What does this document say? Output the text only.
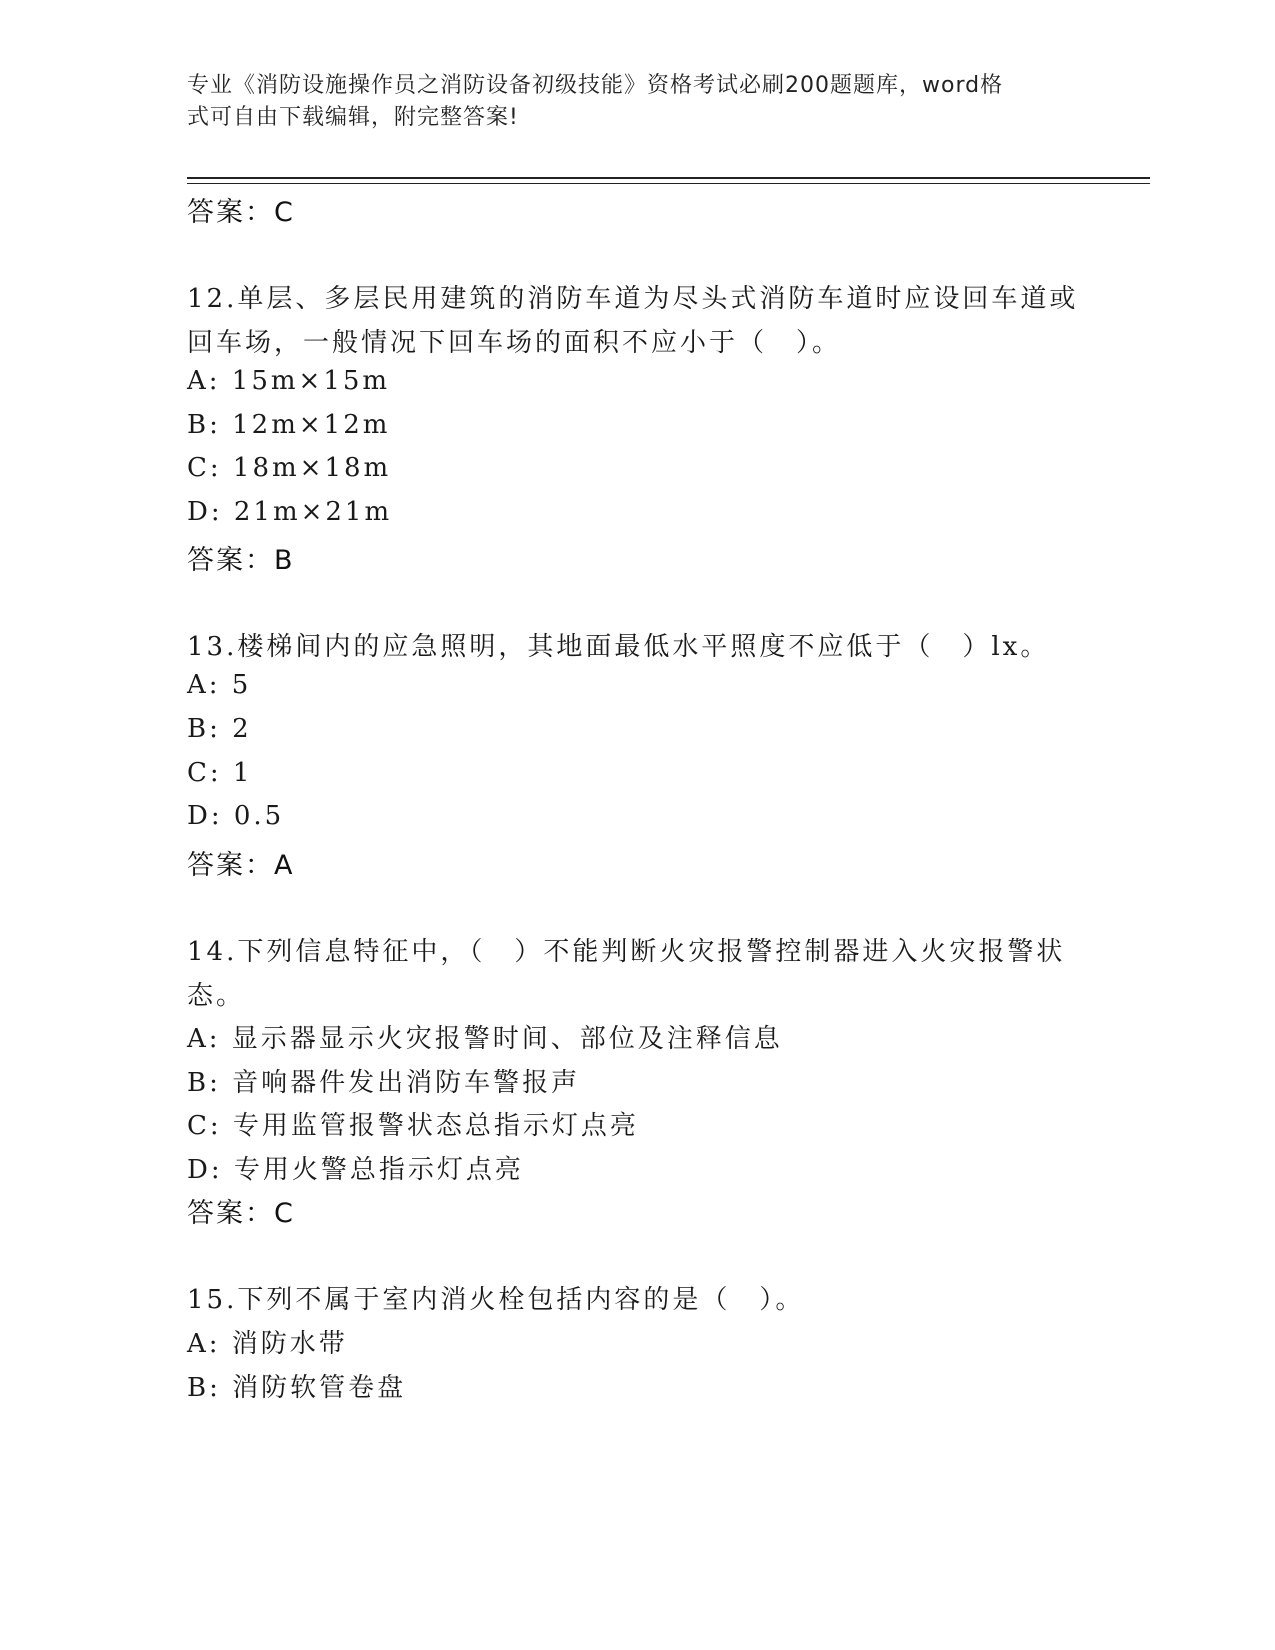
专业《消防设施操作员之消防设备初级技能》资格考试必刷200题题库，word格
式可自由下载编辑，附完整答案!
答案：C
12.单层、多层民用建筑的消防车道为尽头式消防车道时应设回车道或
回车场，一般情况下回车场的面积不应小于（　）。
A: 15m×15m
B: 12m×12m
C: 18m×18m
D: 21m×21m
答案：B
13.楼梯间内的应急照明，其地面最低水平照度不应低于（　）lx。
A: 5
B: 2
C: 1
D: 0.5
答案：A
14.下列信息特征中，（　）不能判断火灾报警控制器进入火灾报警状
态。
A: 显示器显示火灾报警时间、部位及注释信息
B: 音响器件发出消防车警报声
C: 专用监管报警状态总指示灯点亮
D: 专用火警总指示灯点亮
答案：C
15.下列不属于室内消火栓包括内容的是（　）。
A: 消防水带
B: 消防软管卷盘
